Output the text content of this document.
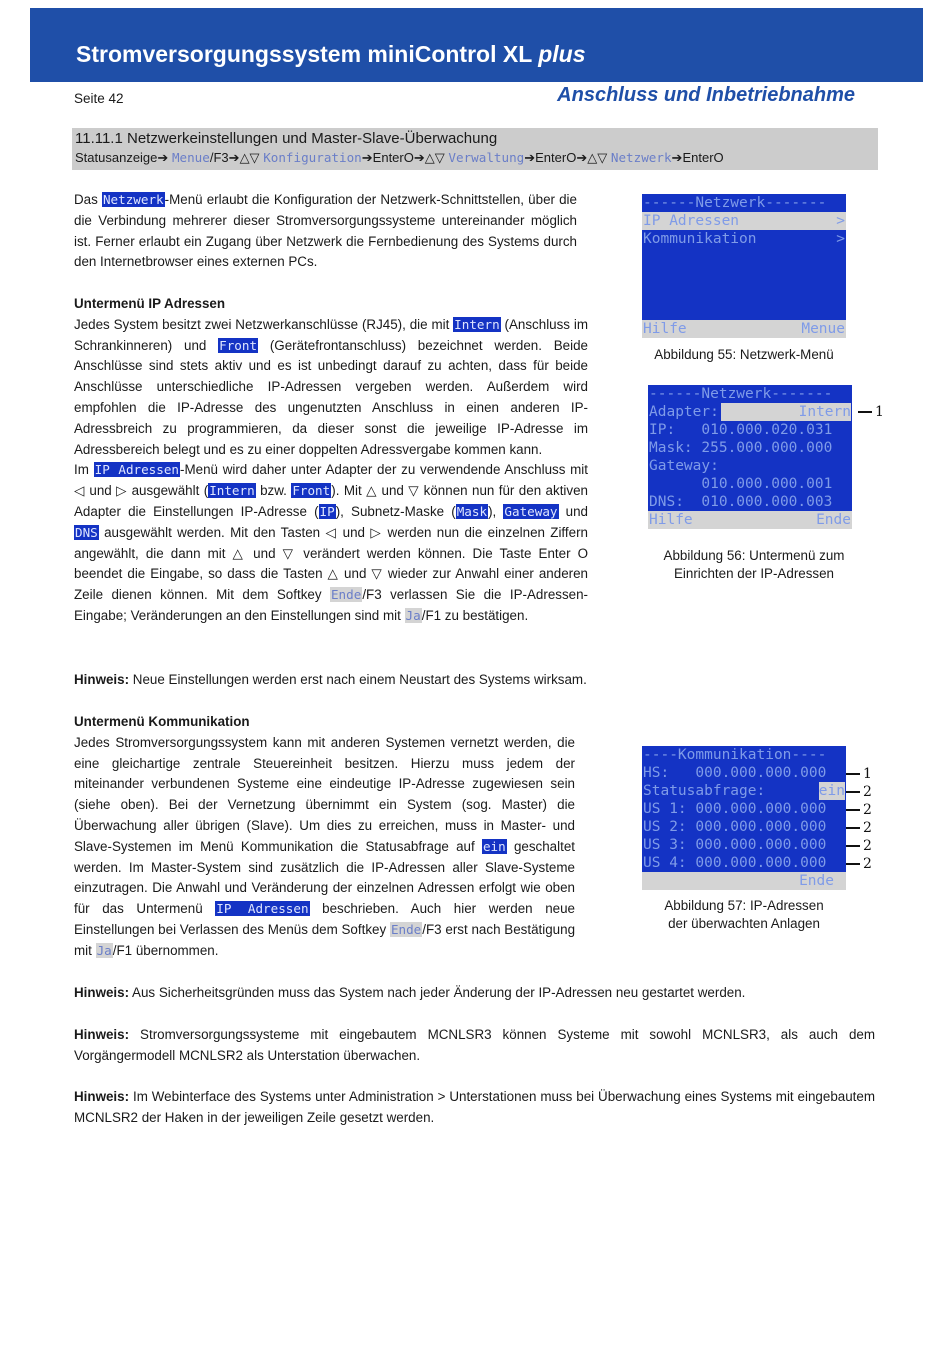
Stromversorgungssystem miniControl XL plus
Seite 42	Anschluss und Inbetriebnahme
11.11.1 Netzwerkeinstellungen und Master-Slave-Überwachung
Statusanzeige➔ Menue/F3➔△▽ Konfiguration➔EnterO➔△▽ Verwaltung➔EnterO➔△▽ Netzwerk➔EnterO

Das Netzwerk-Menü erlaubt die Konfiguration der Netzwerk-Schnittstellen, über die die Verbindung mehrerer dieser Stromversorgungssysteme untereinander möglich ist. Ferner erlaubt ein Zugang über Netzwerk die Fernbedienung des Systems durch den Internetbrowser eines externen PCs.

Untermenü IP Adressen

Jedes System besitzt zwei Netzwerkanschlüsse (RJ45), die mit Intern (Anschluss im Schrankinneren) und Front (Gerätefrontanschluss) bezeichnet werden. Beide Anschlüsse sind stets aktiv und es ist unbedingt darauf zu achten, dass für beide Anschlüsse unterschiedliche IP-Adressen vergeben werden. Außerdem wird empfohlen die IP-Adresse des ungenutzten Anschluss in einen anderen IP-Adressbreich zu programmieren, da dieser sonst die jeweilige IP-Adresse im Adressbereich belegt und es zu einer doppelten Adressvergabe kommen kann.

Im IP Adressen-Menü wird daher unter Adapter der zu verwendende Anschluss mit ◁ und ▷ ausgewählt (Intern bzw. Front). Mit △ und ▽ können nun für den aktiven Adapter die Einstellungen IP-Adresse (IP), Subnetz-Maske (Mask), Gateway und DNS ausgewählt werden. Mit den Tasten ◁ und ▷ werden nun die einzelnen Ziffern angewählt, die dann mit △ und ▽ verändert werden können. Die Taste Enter O beendet die Eingabe, so dass die Tasten △ und ▽ wieder zur Anwahl einer anderen Zeile dienen können. Mit dem Softkey Ende/F3 verlassen Sie die IP-Adressen-Eingabe; Veränderungen an den Einstellungen sind mit Ja/F1 zu bestätigen.

Hinweis: Neue Einstellungen werden erst nach einem Neustart des Systems wirksam.

Untermenü Kommunikation

Jedes Stromversorgungssystem kann mit anderen Systemen vernetzt werden, die eine gleichartige zentrale Steuereinheit besitzen. Hierzu muss jedem der miteinander verbundenen Systeme eine eindeutige IP-Adresse zugewiesen sein (siehe oben). Bei der Vernetzung übernimmt ein System (sog. Master) die Überwachung aller übrigen (Slave). Um dies zu erreichen, muss in Master- und Slave-Systemen im Menü Kommunikation die Statusabfrage auf ein geschaltet werden. Im Master-System sind zusätzlich die IP-Adressen aller Slave-Systeme einzutragen. Die Anwahl und Veränderung der einzelnen Adressen erfolgt wie oben für das Untermenü IP Adressen beschrieben. Auch hier werden neue Einstellungen bei Verlassen des Menüs dem Softkey Ende/F3 erst nach Bestätigung mit Ja/F1 übernommen.

Hinweis: Aus Sicherheitsgründen muss das System nach jeder Änderung der IP-Adressen neu gestartet werden.

Hinweis: Stromversorgungssysteme mit eingebautem MCNLSR3 können Systeme mit sowohl MCNLSR3, als auch dem Vorgängermodell MCNLSR2 als Unterstation überwachen.

Hinweis: Im Webinterface des Systems unter Administration > Unterstationen muss bei Überwachung eines Systems mit eingebautem MCNLSR2 der Haken in der jeweiligen Zeile gesetzt werden.

------Netzwerk-------
IP Adressen	>
Kommunikation	>
Hilfe	Menue
Abbildung 55: Netzwerk-Menü
------Netzwerk-------
Adapter:	Intern
IP:   010.000.020.031
Mask: 255.000.000.000
Gateway:
010.000.000.001
DNS:  010.000.000.003
Hilfe	Ende
1
Abbildung 56: Untermenü zum
Einrichten der IP-Adressen
----Kommunikation----
HS:   000.000.000.000
Statusabfrage:	ein
US 1: 000.000.000.000
US 2: 000.000.000.000
US 3: 000.000.000.000
US 4: 000.000.000.000
Ende
1
2
2
2
2
2
Abbildung 57: IP-Adressen
der überwachten Anlagen
